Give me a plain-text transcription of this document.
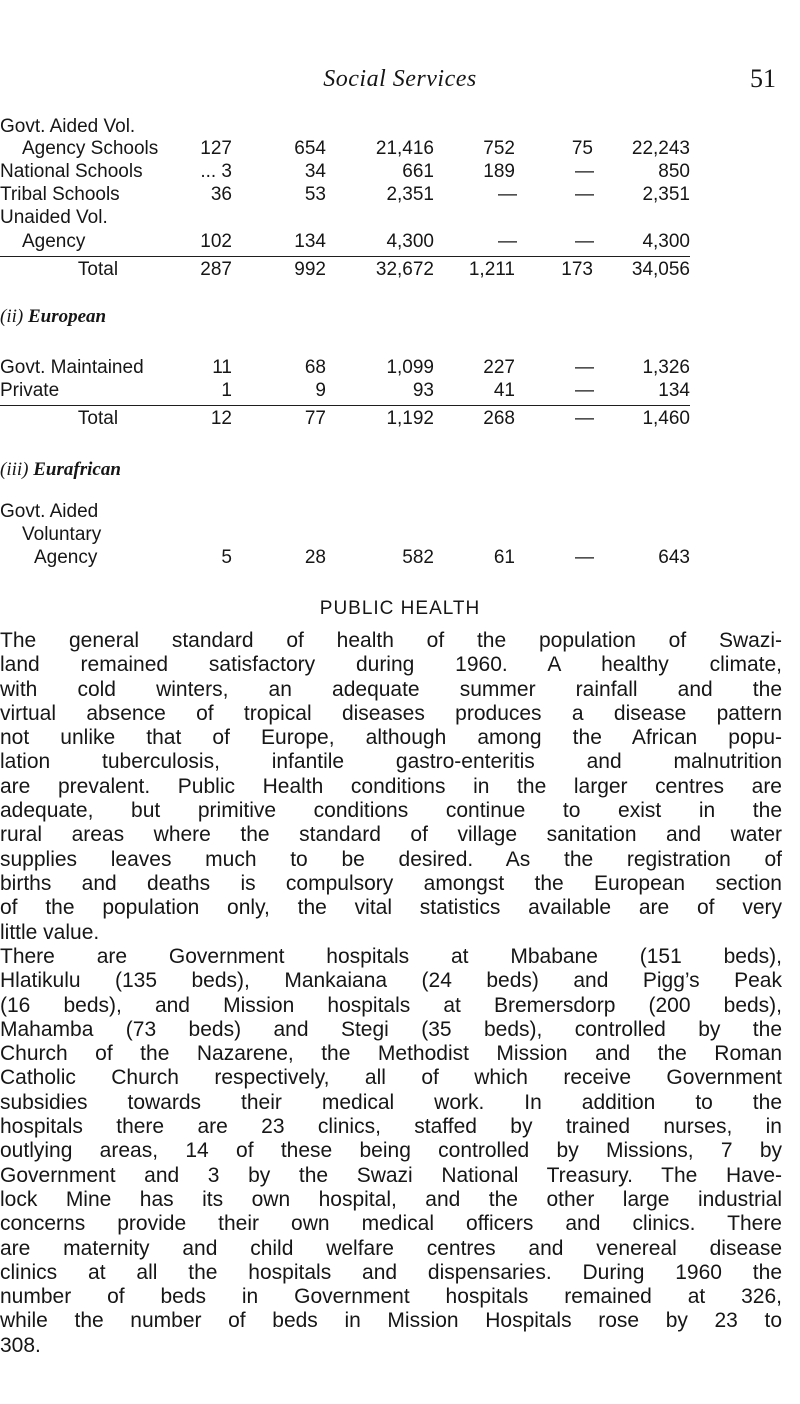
Social Services	51
Govt. Aided Vol.
Agency Schools 127	654	21,416	752	75 22,243
National Schools	... 3	34	661	189	—	850
Tribal Schools	36	53	2,351	—	—	2,351
Unaided Vol.
Agency	102	134	4,300	—	—	4,300
Total	287	992	32,672 1,211 173 34,056
(ii) European
Govt. Maintained	11	68	1,099	227	—	1,326
Private	1	9	93	41	—	134
Total	12	77	1,192	268	—	1,460
(iii) Eurafrican
Govt. Aided
Voluntary
Agency	5	28	582	61	—	643
PUBLIC HEALTH
The general standard of health of the population of Swazi-
land remained satisfactory during 1960. A healthy climate,
with cold winters, an adequate summer rainfall and the
virtual absence of tropical diseases produces a disease pattern
not unlike that of Europe, although among the African popu-
lation tuberculosis, infantile gastro-enteritis and malnutrition
are prevalent. Public Health conditions in the larger centres are
adequate, but primitive conditions continue to exist in the
rural areas where the standard of village sanitation and water
supplies leaves much to be desired. As the registration of
births and deaths is compulsory amongst the European section
of the population only, the vital statistics available are of very
little value.
There are Government hospitals at Mbabane (151 beds),
Hlatikulu (135 beds), Mankaiana (24 beds) and Pigg’s Peak
(16 beds), and Mission hospitals at Bremersdorp (200 beds),
Mahamba (73 beds) and Stegi (35 beds), controlled by the
Church of the Nazarene, the Methodist Mission and the Roman
Catholic Church respectively, all of which receive Government
subsidies towards their medical work. In addition to the
hospitals there are 23 clinics, staffed by trained nurses, in
outlying areas, 14 of these being controlled by Missions, 7 by
Government and 3 by the Swazi National Treasury. The Have-
lock Mine has its own hospital, and the other large industrial
concerns provide their own medical officers and clinics. There
are maternity and child welfare centres and venereal disease
clinics at all the hospitals and dispensaries. During 1960 the
number of beds in Government hospitals remained at 326,
while the number of beds in Mission Hospitals rose by 23 to
308.
